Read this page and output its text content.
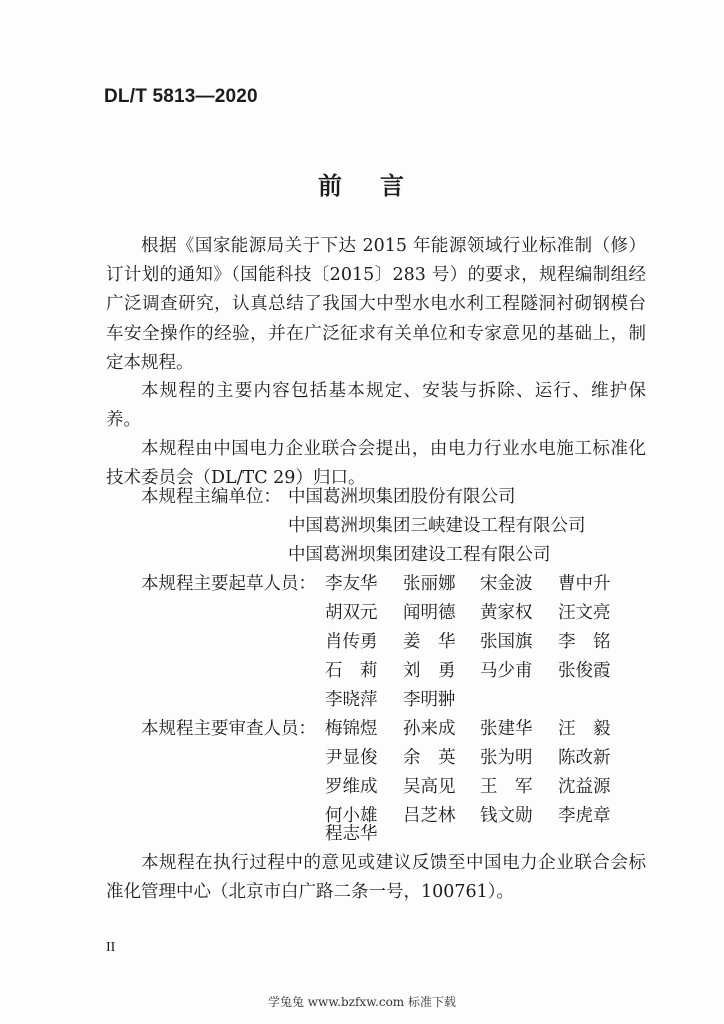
DL/T 5813—2020
前言

根据《国家能源局关于下达 2015 年能源领域行业标准制（修）订计划的通知》（国能科技〔2015〕283 号）的要求，规程编制组经广泛调查研究，认真总结了我国大中型水电水利工程隧洞衬砌钢模台车安全操作的经验，并在广泛征求有关单位和专家意见的基础上，制定本规程。

本规程的主要内容包括基本规定、安装与拆除、运行、维护保养。

本规程由中国电力企业联合会提出，由电力行业水电施工标准化技术委员会（DL/TC 29）归口。

本规程主编单位： 中国葛洲坝集团股份有限公司
中国葛洲坝集团三峡建设工程有限公司
中国葛洲坝集团建设工程有限公司
本规程主要起草人员： 李友华 张丽娜 宋金波 曹中升
胡双元 闻明德 黄家权 汪文亮
肖传勇 姜　华 张国旗 李　铭
石　莉 刘　勇 马少甫 张俊霞
李晓萍 李明翀
本规程主要审查人员： 梅锦煜 孙来成 张建华 汪　毅
尹显俊 余　英 张为明 陈改新
罗维成 吴高见 王　军 沈益源
何小雄 吕芝林 钱文勋 李虎章
程志华

本规程在执行过程中的意见或建议反馈至中国电力企业联合会标准化管理中心（北京市白广路二条一号，100761）。

II
学兔兔 www.bzfxw.com 标准下载
